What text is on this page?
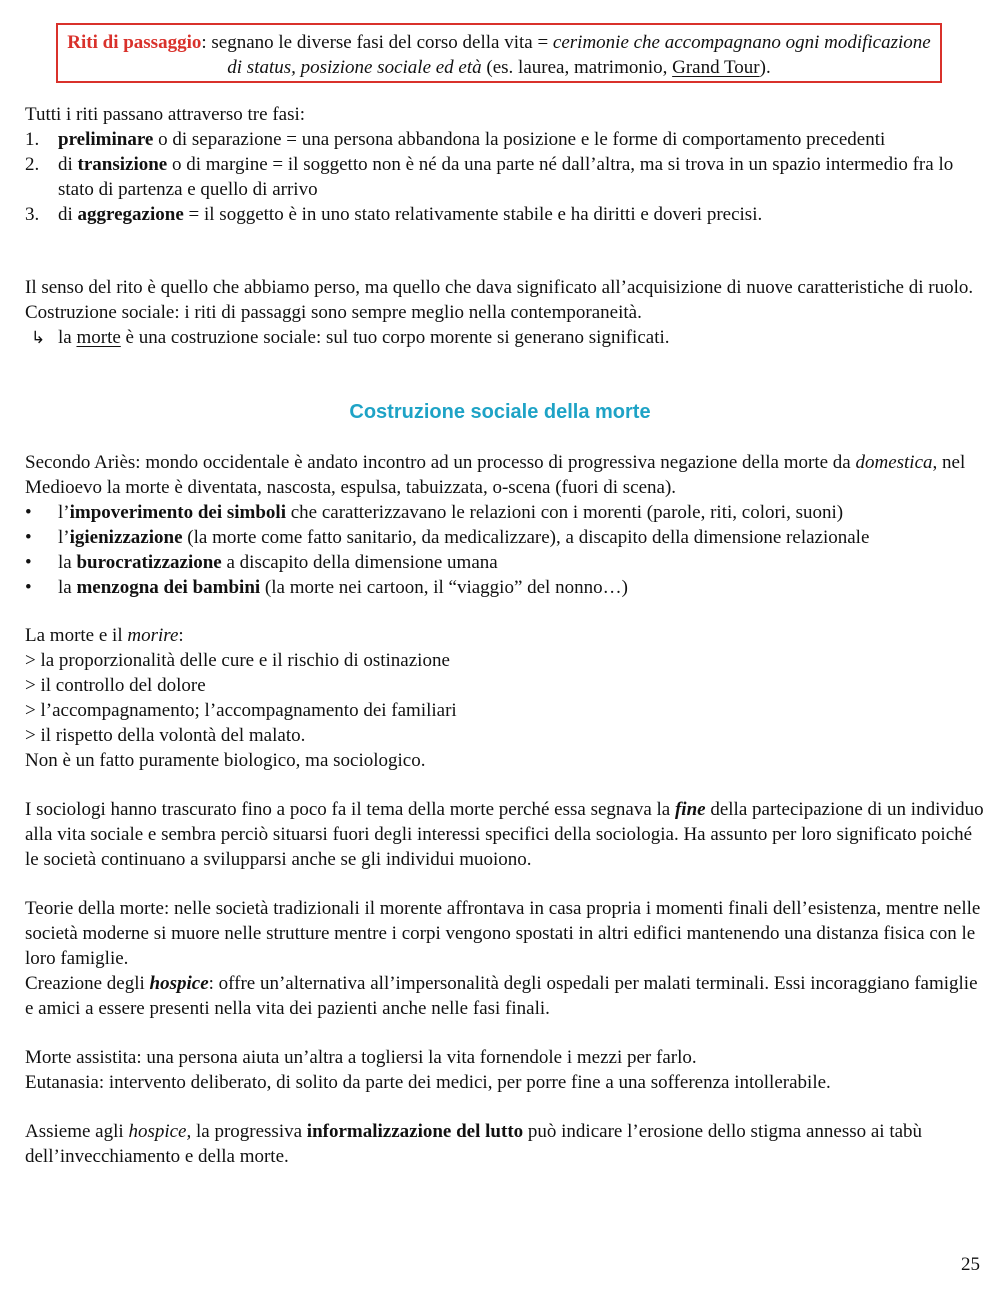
Riti di passaggio: segnano le diverse fasi del corso della vita = cerimonie che accompagnano ogni modificazione di status, posizione sociale ed età (es. laurea, matrimonio, Grand Tour).

Tutti i riti passano attraverso tre fasi:

1. preliminare o di separazione = una persona abbandona la posizione e le forme di comportamento precedenti
2. di transizione o di margine = il soggetto non è né da una parte né dall’altra, ma si trova in un spazio intermedio fra lo stato di partenza e quello di arrivo
3. di aggregazione = il soggetto è in uno stato relativamente stabile e ha diritti e doveri precisi.

Il senso del rito è quello che abbiamo perso, ma quello che dava significato all’acquisizione di nuove caratteristiche di ruolo.

Costruzione sociale: i riti di passaggi sono sempre meglio nella contemporaneità.

↳ la morte è una costruzione sociale: sul tuo corpo morente si generano significati.
Costruzione sociale della morte

Secondo Ariès: mondo occidentale è andato incontro ad un processo di progressiva negazione della morte da domestica, nel Medioevo la morte è diventata, nascosta, espulsa, tabuizzata, o-scena (fuori di scena).

•	l’impoverimento dei simboli che caratterizzavano le relazioni con i morenti (parole, riti, colori, suoni)
•	l’igienizzazione (la morte come fatto sanitario, da medicalizzare), a discapito della dimensione relazionale
•	la burocratizzazione a discapito della dimensione umana
•	la menzogna dei bambini (la morte nei cartoon, il “viaggio” del nonno…)

La morte e il morire:

> la proporzionalità delle cure e il rischio di ostinazione

> il controllo del dolore

> l’accompagnamento; l’accompagnamento dei familiari

> il rispetto della volontà del malato.

Non è un fatto puramente biologico, ma sociologico.

I sociologi hanno trascurato fino a poco fa il tema della morte perché essa segnava la fine della partecipazione di un individuo alla vita sociale e sembra perciò situarsi fuori degli interessi specifici della sociologia. Ha assunto per loro significato poiché le società continuano a svilupparsi anche se gli individui muoiono.

Teorie della morte: nelle società tradizionali il morente affrontava in casa propria i momenti finali dell’esistenza, mentre nelle società moderne si muore nelle strutture mentre i corpi vengono spostati in altri edifici mantenendo una distanza fisica con le loro famiglie.

Creazione degli hospice: offre un’alternativa all’impersonalità degli ospedali per malati terminali. Essi incoraggiano famiglie e amici a essere presenti nella vita dei pazienti anche nelle fasi finali.

Morte assistita: una persona aiuta un’altra a togliersi la vita fornendole i mezzi per farlo.

Eutanasia: intervento deliberato, di solito da parte dei medici, per porre fine a una sofferenza intollerabile.

Assieme agli hospice, la progressiva informalizzazione del lutto può indicare l’erosione dello stigma annesso ai tabù dell’invecchiamento e della morte.

25
